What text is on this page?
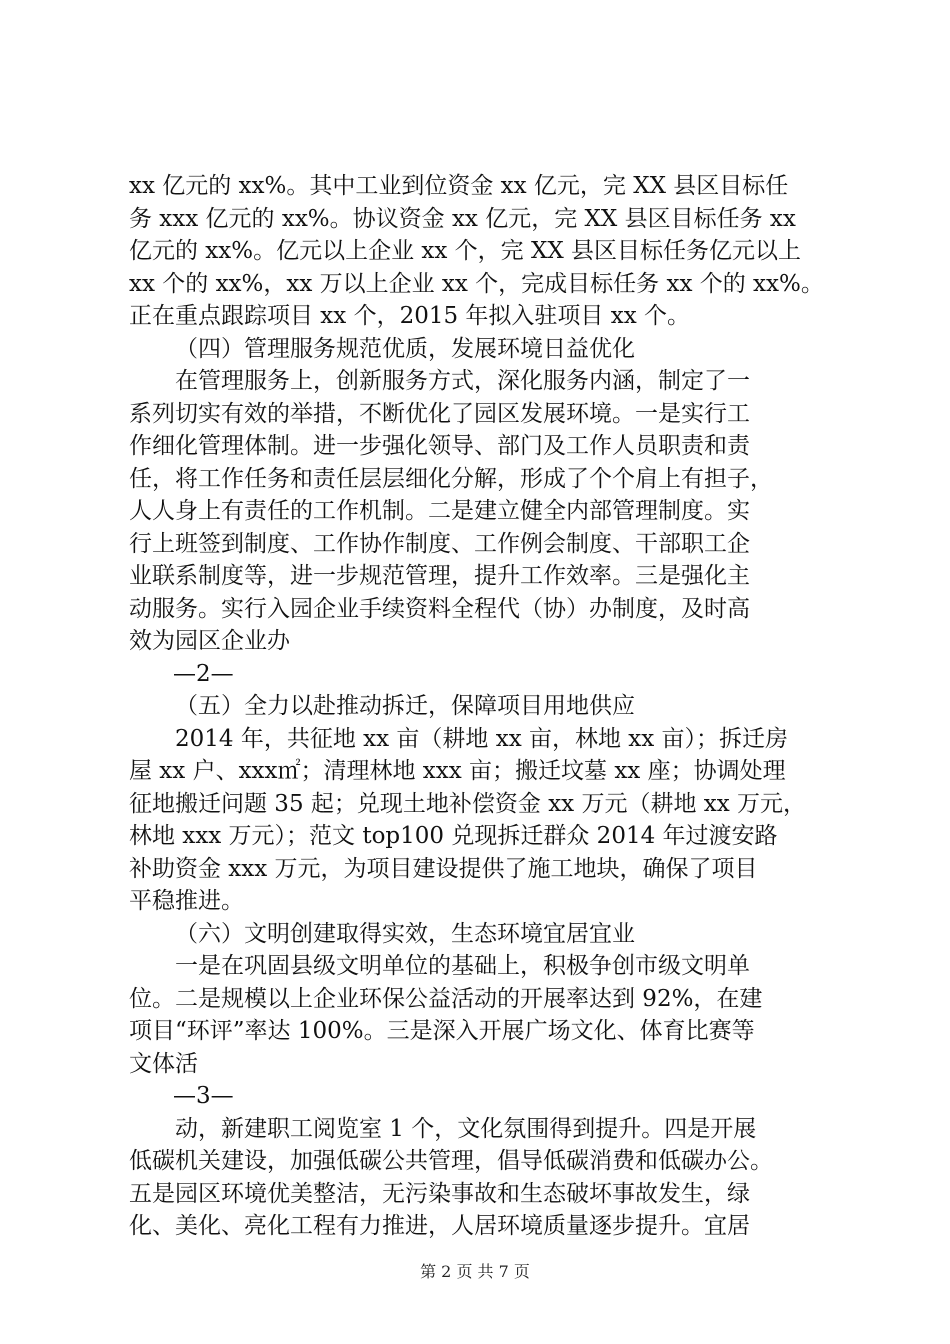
xx 亿元的 xx%。其中工业到位资金 xx 亿元，完 XX 县区目标任
务 xxx 亿元的 xx%。协议资金 xx 亿元，完 XX 县区目标任务 xx
亿元的 xx%。亿元以上企业 xx 个，完 XX 县区目标任务亿元以上
xx 个的 xx%，xx 万以上企业 xx 个，完成目标任务 xx 个的 xx%。
正在重点跟踪项目 xx 个，2015 年拟入驻项目 xx 个。
（四）管理服务规范优质，发展环境日益优化
在管理服务上，创新服务方式，深化服务内涵，制定了一
系列切实有效的举措，不断优化了园区发展环境。一是实行工
作细化管理体制。进一步强化领导、部门及工作人员职责和责
任，将工作任务和责任层层细化分解，形成了个个肩上有担子，
人人身上有责任的工作机制。二是建立健全内部管理制度。实
行上班签到制度、工作协作制度、工作例会制度、干部职工企
业联系制度等，进一步规范管理，提升工作效率。三是强化主
动服务。实行入园企业手续资料全程代（协）办制度，及时高
效为园区企业办
—2—
（五）全力以赴推动拆迁，保障项目用地供应
2014 年，共征地 xx 亩（耕地 xx 亩，林地 xx 亩）；拆迁房
屋 xx 户、xxx㎡；清理林地 xxx 亩；搬迁坟墓 xx 座；协调处理
征地搬迁问题 35 起；兑现土地补偿资金 xx 万元（耕地 xx 万元，
林地 xxx 万元）；范文 top100 兑现拆迁群众 2014 年过渡安路
补助资金 xxx 万元，为项目建设提供了施工地块，确保了项目
平稳推进。
（六）文明创建取得实效，生态环境宜居宜业
一是在巩固县级文明单位的基础上，积极争创市级文明单
位。二是规模以上企业环保公益活动的开展率达到 92%，在建
项目“环评”率达 100%。三是深入开展广场文化、体育比赛等
文体活
—3—
动，新建职工阅览室 1 个，文化氛围得到提升。四是开展
低碳机关建设，加强低碳公共管理，倡导低碳消费和低碳办公。
五是园区环境优美整洁，无污染事故和生态破坏事故发生，绿
化、美化、亮化工程有力推进，人居环境质量逐步提升。宜居
第 2 页 共 7 页
